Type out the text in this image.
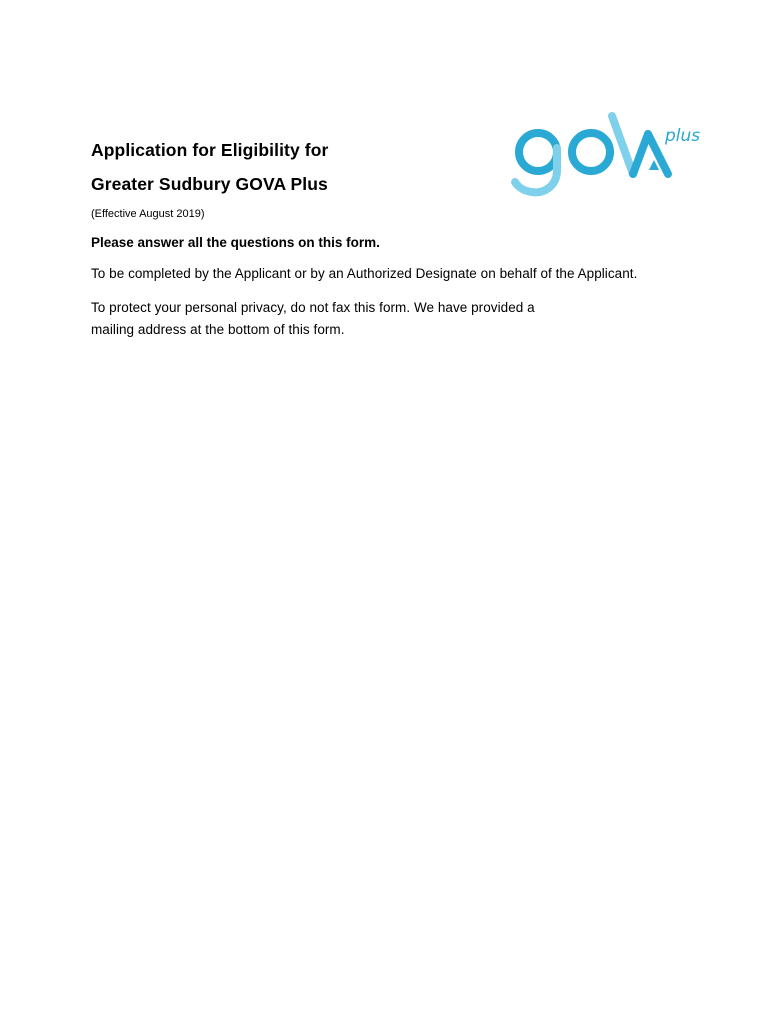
Application for Eligibility for
Greater Sudbury GOVA Plus

(Effective August 2019)

plus

Please answer all the questions on this form.

To be completed by the Applicant or by an Authorized Designate on behalf of the Applicant.

To protect your personal privacy, do not fax this form. We have provided a
mailing address at the bottom of this form.
